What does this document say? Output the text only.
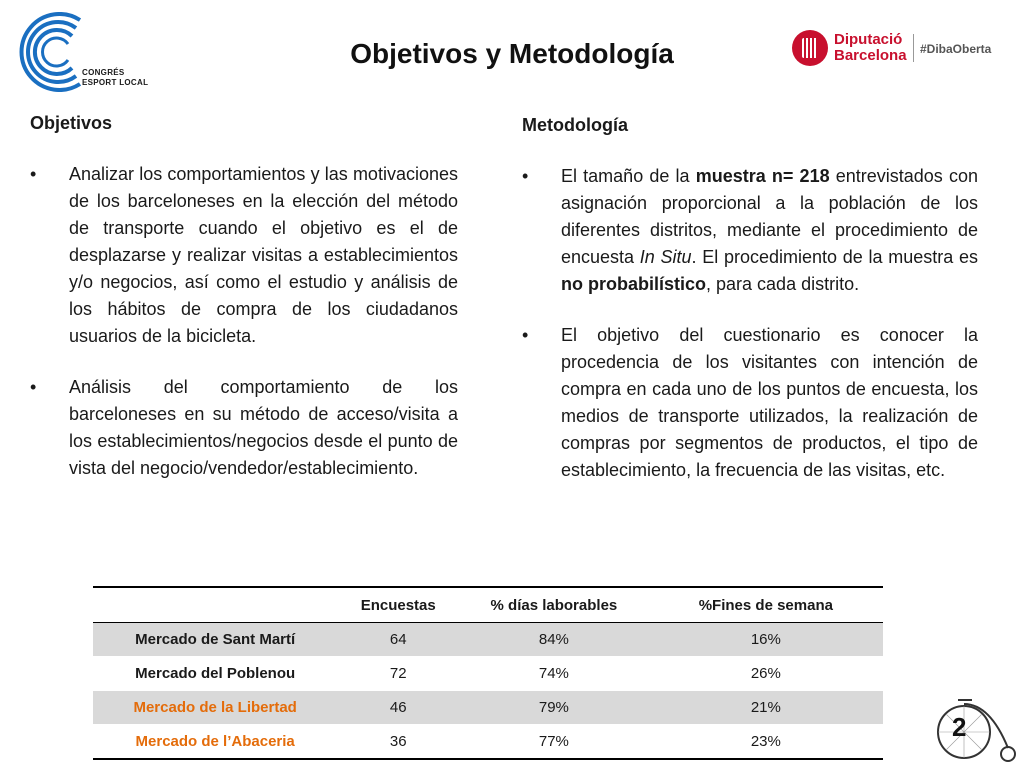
CONGRÉS
ESPORT LOCAL
Objetivos y Metodología	Diputació
Barcelona #DibaOberta
Objetivos
• Analizar los comportamientos y las motivaciones de los barceloneses en la elección del método de transporte cuando el objetivo es el de desplazarse y realizar visitas a establecimientos y/o negocios, así como el estudio y análisis de los hábitos de compra de los ciudadanos usuarios de la bicicleta.
• Análisis del comportamiento de los barceloneses en su método de acceso/visita a los establecimientos/negocios desde el punto de vista del negocio/vendedor/establecimiento.
Metodología
• El tamaño de la muestra n= 218 entrevistados con asignación proporcional a la población de los diferentes distritos, mediante el procedimiento de encuesta In Situ. El procedimiento de la muestra es no probabilístico, para cada distrito.
• El objetivo del cuestionario es conocer la procedencia de los visitantes con intención de compra en cada uno de los puntos de encuesta, los medios de transporte utilizados, la realización de compras por segmentos de productos, el tipo de establecimiento, la frecuencia de las visitas, etc.
	Encuestas	% días laborables	%Fines de semana
Mercado de Sant Martí	64	84%	16%
Mercado del Poblenou	72	74%	26%
Mercado de la Libertad	46	79%	21%
Mercado de l’Abaceria	36	77%	23%	2
